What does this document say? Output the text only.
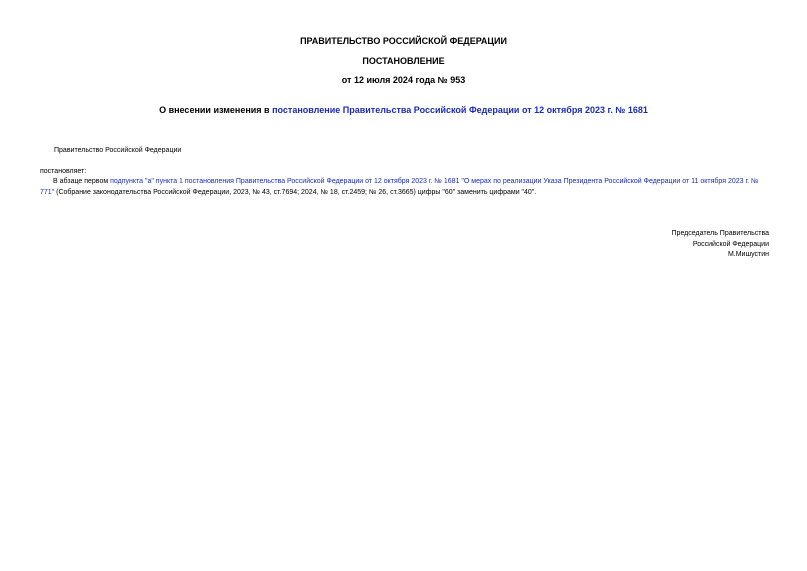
ПРАВИТЕЛЬСТВО РОССИЙСКОЙ ФЕДЕРАЦИИ
ПОСТАНОВЛЕНИЕ
от 12 июля 2024 года № 953
О внесении изменения в постановление Правительства Российской Федерации от 12 октября 2023 г. № 1681
Правительство Российской Федерации
постановляет:
В абзаце первом подпункта "а" пункта 1 постановления Правительства Российской Федерации от 12 октября 2023 г. № 1681 "О мерах по реализации Указа Президента Российской Федерации от 11 октября 2023 г. № 771" (Собрание законодательства Российской Федерации, 2023, № 43, ст.7694; 2024, № 18, ст.2459; № 26, ст.3665) цифры "60" заменить цифрами "40".
Председатель Правительства
Российской Федерации
М.Мишустин
